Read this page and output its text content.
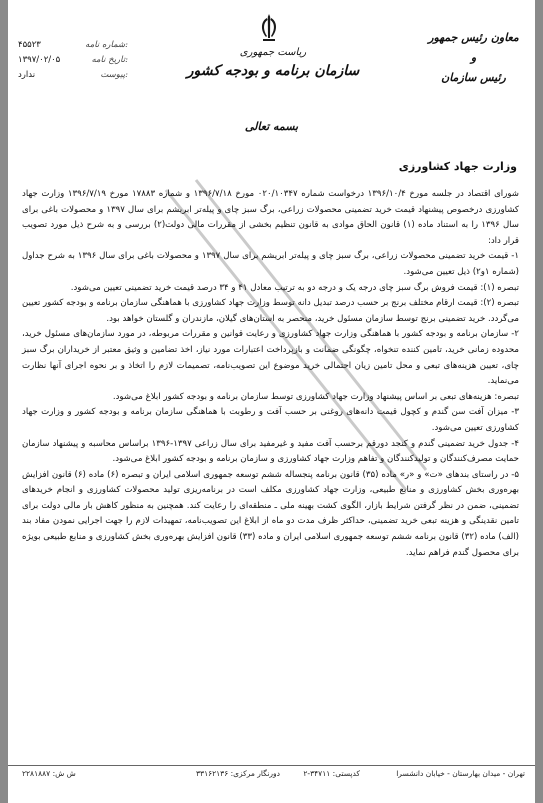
معاون رئیس جمهور
و
رئیس سازمان
ریاست جمهوری
سازمان برنامه و بودجه کشور
۴۵۵۲۳	شماره نامه:
۱۳۹۷/۰۲/۰۵	تاریخ نامه:
ندارد	پیوست:
بسمه تعالی
وزارت جهاد کشاورزی

شورای اقتصاد در جلسه مورخ ۱۳۹۶/۱۰/۴ درخواست شماره ۰۲۰/۱۰۳۴۷ مورخ ۱۳۹۶/۷/۱۸ و شماره ۱۷۸۸۳ مورخ ۱۳۹۶/۷/۱۹ وزارت جهاد کشاورزی درخصوص پیشنهاد قیمت خرید تضمینی محصولات زراعی، برگ سبز چای و پیله‌تر ابریشم برای سال ۱۳۹۷ و محصولات باغی برای سال ۱۳۹۶ را به استناد ماده (۱) قانون الحاق موادی به قانون تنظیم بخشی از مقررات مالی دولت(۲) بررسی و به شرح ذیل مورد تصویب قرار داد:

۱- قیمت خرید تضمینی محصولات زراعی، برگ سبز چای و پیله‌تر ابریشم برای سال ۱۳۹۷ و محصولات باغی برای سال ۱۳۹۶ به شرح جداول (شماره ۱و۲) ذیل تعیین می‌شود.

تبصره (۱): قیمت فروش برگ سبز چای درجه یک و درجه دو به ترتیب معادل ۴۱ و ۳۴ درصد قیمت خرید تضمینی تعیین می‌شود.

تبصره (۲): قیمت ارقام مختلف برنج بر حسب درصد تبدیل دانه توسط وزارت جهاد کشاورزی با هماهنگی سازمان برنامه و بودجه کشور تعیین می‌گردد. خرید تضمینی برنج توسط سازمان مسئول خرید، منحصر به استان‌های گیلان، مازندران و گلستان خواهد بود.

۲- سازمان برنامه و بودجه کشور با هماهنگی وزارت جهاد کشاورزی و رعایت قوانین و مقررات مربوطه، در مورد سازمان‌های مسئول خرید، محدوده زمانی خرید، تامین کننده تنخواه، چگونگی ضمانت و بازپرداخت اعتبارات مورد نیاز، اخذ تضامین و وثیق معتبر از خریداران برگ سبز چای، تعیین هزینه‌های تبعی و محل تامین زیان احتمالی خرید موضوع این تصویب‌نامه، تصمیمات لازم را اتخاذ و بر نحوه اجرای آنها نظارت می‌نماید.

تبصره: هزینه‌های تبعی بر اساس پیشنهاد وزارت جهاد کشاورزی توسط سازمان برنامه و بودجه کشور ابلاغ می‌شود.

۳- میزان آفت سن گندم و کچول قیمت دانه‌های روغنی بر حسب آفت و رطوبت با هماهنگی سازمان برنامه و بودجه کشور و وزارت جهاد کشاورزی تعیین می‌شود.

۴- جدول خرید تضمینی گندم و کنجد دورقم برحسب آفت مفید و غیرمفید برای سال زراعی ۱۳۹۷-۱۳۹۶ براساس محاسبه و پیشنهاد سازمان حمایت مصرف‌کنندگان و تولیدکنندگان و تفاهم وزارت جهاد کشاورزی و سازمان برنامه و بودجه کشور ابلاغ می‌شود.

۵- در راستای بندهای «ت» و «ر» ماده (۳۵) قانون برنامه پنجساله ششم توسعه جمهوری اسلامی ایران و تبصره (۶) ماده (۶) قانون افزایش بهره‌وری بخش کشاورزی و منابع طبیعی، وزارت جهاد کشاورزی مکلف است در برنامه‌ریزی تولید محصولات کشاورزی و انجام خریدهای تضمینی، ضمن در نظر گرفتن شرایط بازار، الگوی کشت بهینه ملی ـ منطقه‌ای را رعایت کند. همچنین به منظور کاهش بار مالی دولت برای تامین نقدینگی و هزینه تبعی خرید تضمینی، حداکثر ظرف مدت دو ماه از ابلاغ این تصویب‌نامه، تمهیدات لازم را جهت اجرایی نمودن مفاد بند (الف) ماده (۳۲) قانون برنامه ششم توسعه جمهوری اسلامی ایران و ماده (۳۳) قانون افزایش بهره‌وری بخش کشاورزی و منابع طبیعی بویژه برای محصول گندم فراهم نماید.

تهران - میدان بهارستان - خیابان دانشسرا
کدپستی: ۳۴۷۱۱-۲
دورنگار مرکزی: ۳۳۱۶۲۱۳۶
ش ش: ۲۲۸۱۸۸۷
